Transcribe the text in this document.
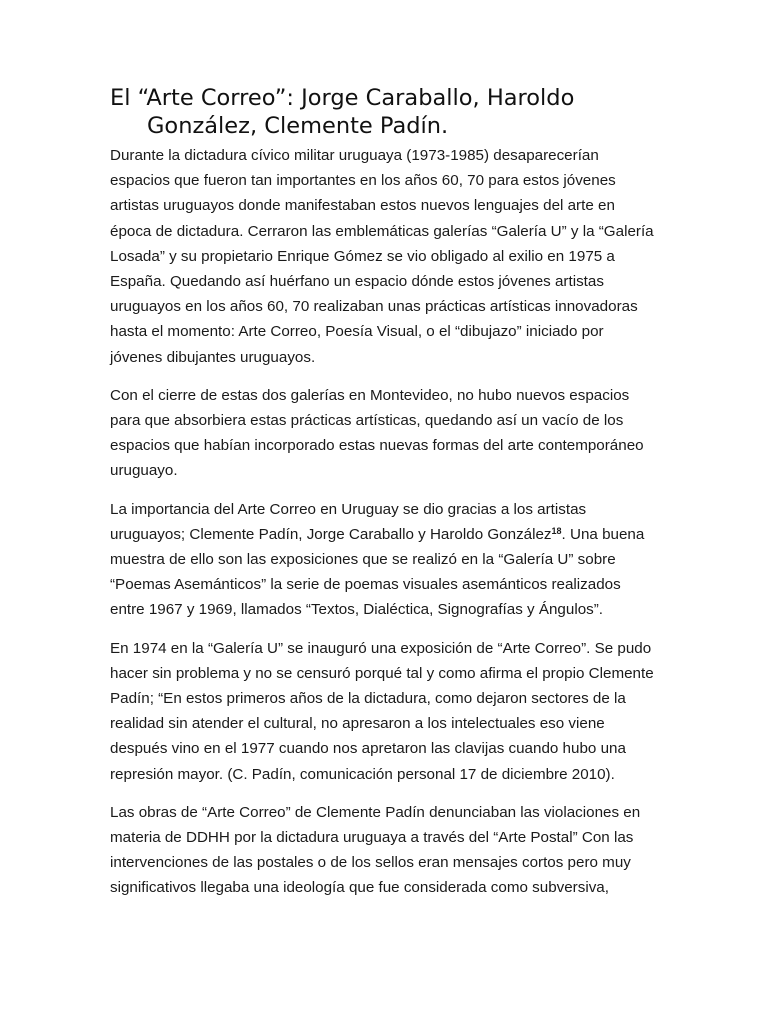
El “Arte Correo”: Jorge Caraballo, Haroldo González, Clemente Padín.

Durante la dictadura cívico militar uruguaya (1973-1985) desaparecerían espacios que fueron tan importantes en los años 60, 70 para estos jóvenes artistas uruguayos donde manifestaban estos nuevos lenguajes del arte en época de dictadura. Cerraron las emblemáticas galerías “Galería U” y la “Galería Losada” y su propietario Enrique Gómez se vio obligado al exilio en 1975 a España. Quedando así huérfano un espacio dónde estos jóvenes artistas uruguayos en los años 60, 70 realizaban unas prácticas artísticas innovadoras hasta el momento: Arte Correo, Poesía Visual, o el “dibujazo” iniciado por jóvenes dibujantes uruguayos.

Con el cierre de estas dos galerías en Montevideo, no hubo nuevos espacios para que absorbiera estas prácticas artísticas, quedando así un vacío de los espacios que habían incorporado estas nuevas formas del arte contemporáneo uruguayo.

La importancia del Arte Correo en Uruguay se dio gracias a los artistas uruguayos; Clemente Padín, Jorge Caraballo y Haroldo González$^{18}$. Una buena muestra de ello son las exposiciones que se realizó en la “Galería U” sobre “Poemas Asemánticos” la serie de poemas visuales asemánticos realizados entre 1967 y 1969, llamados “Textos, Dialéctica, Signografías y Ángulos”.

En 1974 en la “Galería U” se inauguró una exposición de “Arte Correo”. Se pudo hacer sin problema y no se censuró porqué tal y como afirma el propio Clemente Padín; “En estos primeros años de la dictadura, como dejaron sectores de la realidad sin atender el cultural, no apresaron a los intelectuales eso viene después vino en el 1977 cuando nos apretaron las clavijas cuando hubo una represión mayor. (C. Padín, comunicación personal 17 de diciembre 2010).

Las obras de “Arte Correo” de Clemente Padín denunciaban las violaciones en materia de DDHH por la dictadura uruguaya a través del “Arte Postal” Con las intervenciones de las postales o de los sellos eran mensajes cortos pero muy significativos llegaba una ideología que fue considerada como subversiva,
